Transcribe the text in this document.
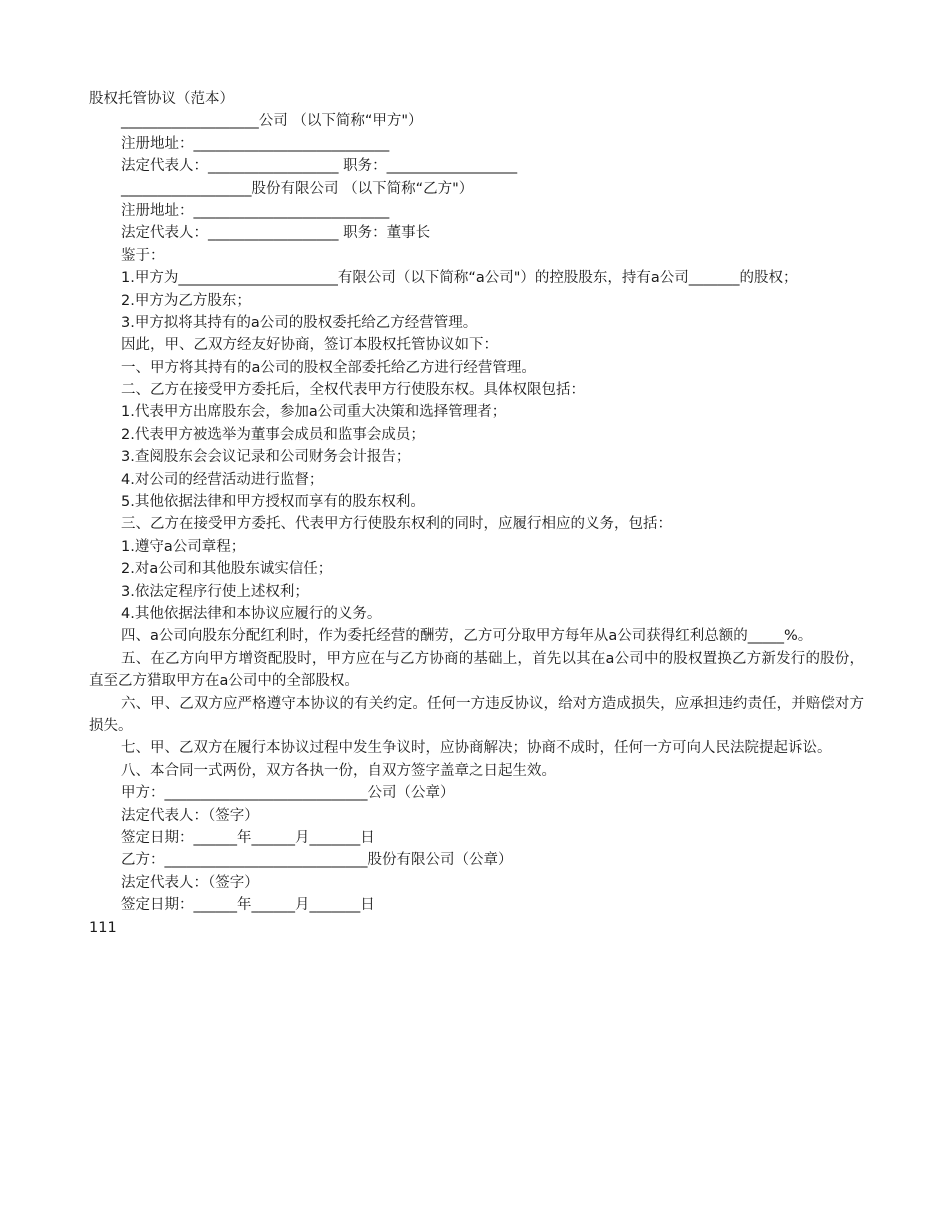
股权托管协议（范本）
___________________公司 （以下简称“甲方"）
注册地址：___________________________
法定代表人：__________________ 职务：__________________
__________________股份有限公司 （以下简称“乙方"）
注册地址：___________________________
法定代表人：__________________ 职务：董事长
鉴于：
1.甲方为______________________有限公司（以下简称“a公司"）的控股股东，持有a公司_______的股权；
2.甲方为乙方股东；
3.甲方拟将其持有的a公司的股权委托给乙方经营管理。
因此，甲、乙双方经友好协商，签订本股权托管协议如下：
一、甲方将其持有的a公司的股权全部委托给乙方进行经营管理。
二、乙方在接受甲方委托后，全权代表甲方行使股东权。具体权限包括：
1.代表甲方出席股东会，参加a公司重大决策和选择管理者；
2.代表甲方被选举为董事会成员和监事会成员；
3.查阅股东会会议记录和公司财务会计报告；
4.对公司的经营活动进行监督；
5.其他依据法律和甲方授权而享有的股东权利。
三、乙方在接受甲方委托、代表甲方行使股东权利的同时，应履行相应的义务，包括：
1.遵守a公司章程；
2.对a公司和其他股东诚实信任；
3.依法定程序行使上述权利；
4.其他依据法律和本协议应履行的义务。
四、a公司向股东分配红利时，作为委托经营的酬劳，乙方可分取甲方每年从a公司获得红利总额的_____%。
五、在乙方向甲方增资配股时，甲方应在与乙方协商的基础上，首先以其在a公司中的股权置换乙方新发行的股份，直至乙方猎取甲方在a公司中的全部股权。
六、甲、乙双方应严格遵守本协议的有关约定。任何一方违反协议，给对方造成损失，应承担违约责任，并赔偿对方损失。
七、甲、乙双方在履行本协议过程中发生争议时，应协商解决；协商不成时，任何一方可向人民法院提起诉讼。
八、本合同一式两份，双方各执一份，自双方签字盖章之日起生效。
甲方：____________________________公司（公章）
法定代表人：（签字）
签定日期：______年______月_______日
乙方：____________________________股份有限公司（公章）
法定代表人：（签字）
签定日期：______年______月_______日
111
